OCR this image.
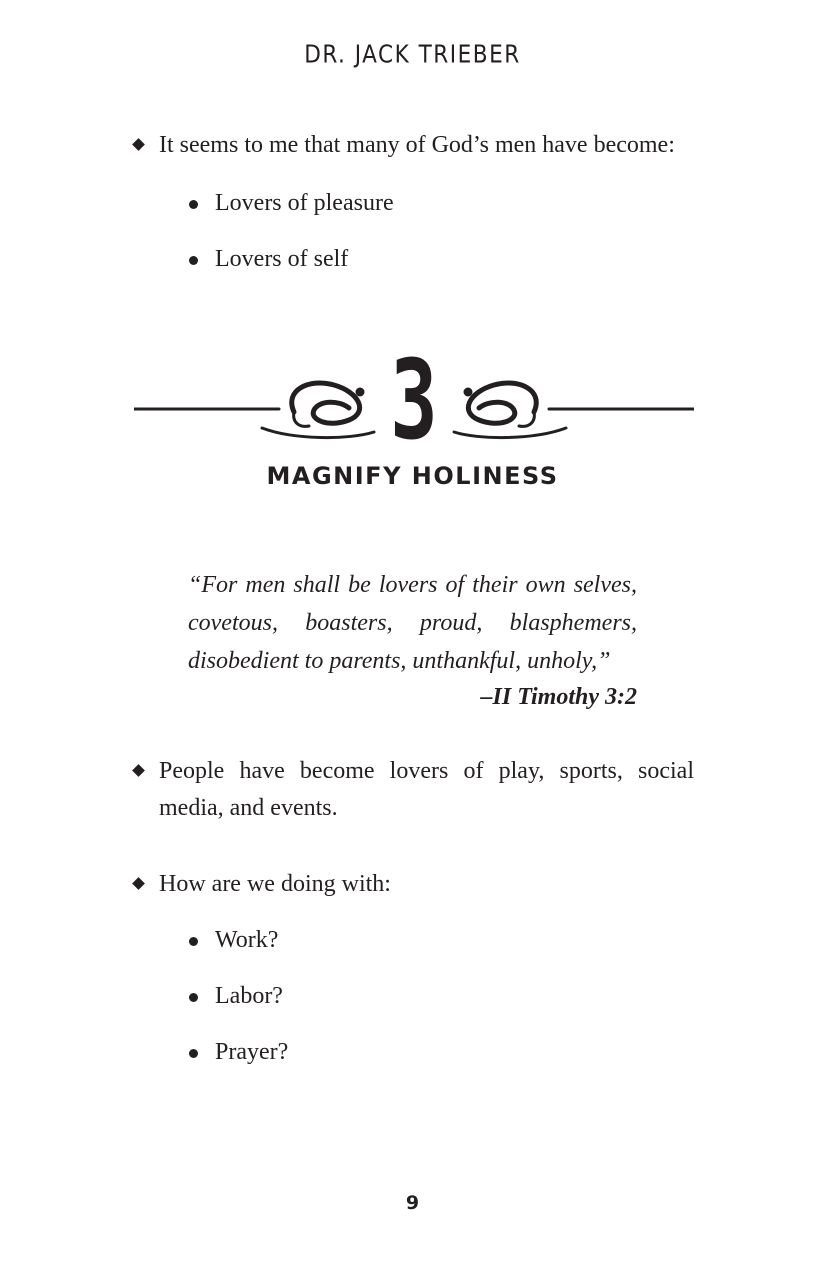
DR. JACK TRIEBER
It seems to me that many of God’s men have become:
Lovers of pleasure
Lovers of self
3
MAGNIFY HOLINESS
“For men shall be lovers of their own selves, covetous, boasters, proud, blasphemers, disobedient to parents, unthankful, unholy,”
–II Timothy 3:2
People have become lovers of play, sports, social media, and events.
How are we doing with:
Work?
Labor?
Prayer?
9
